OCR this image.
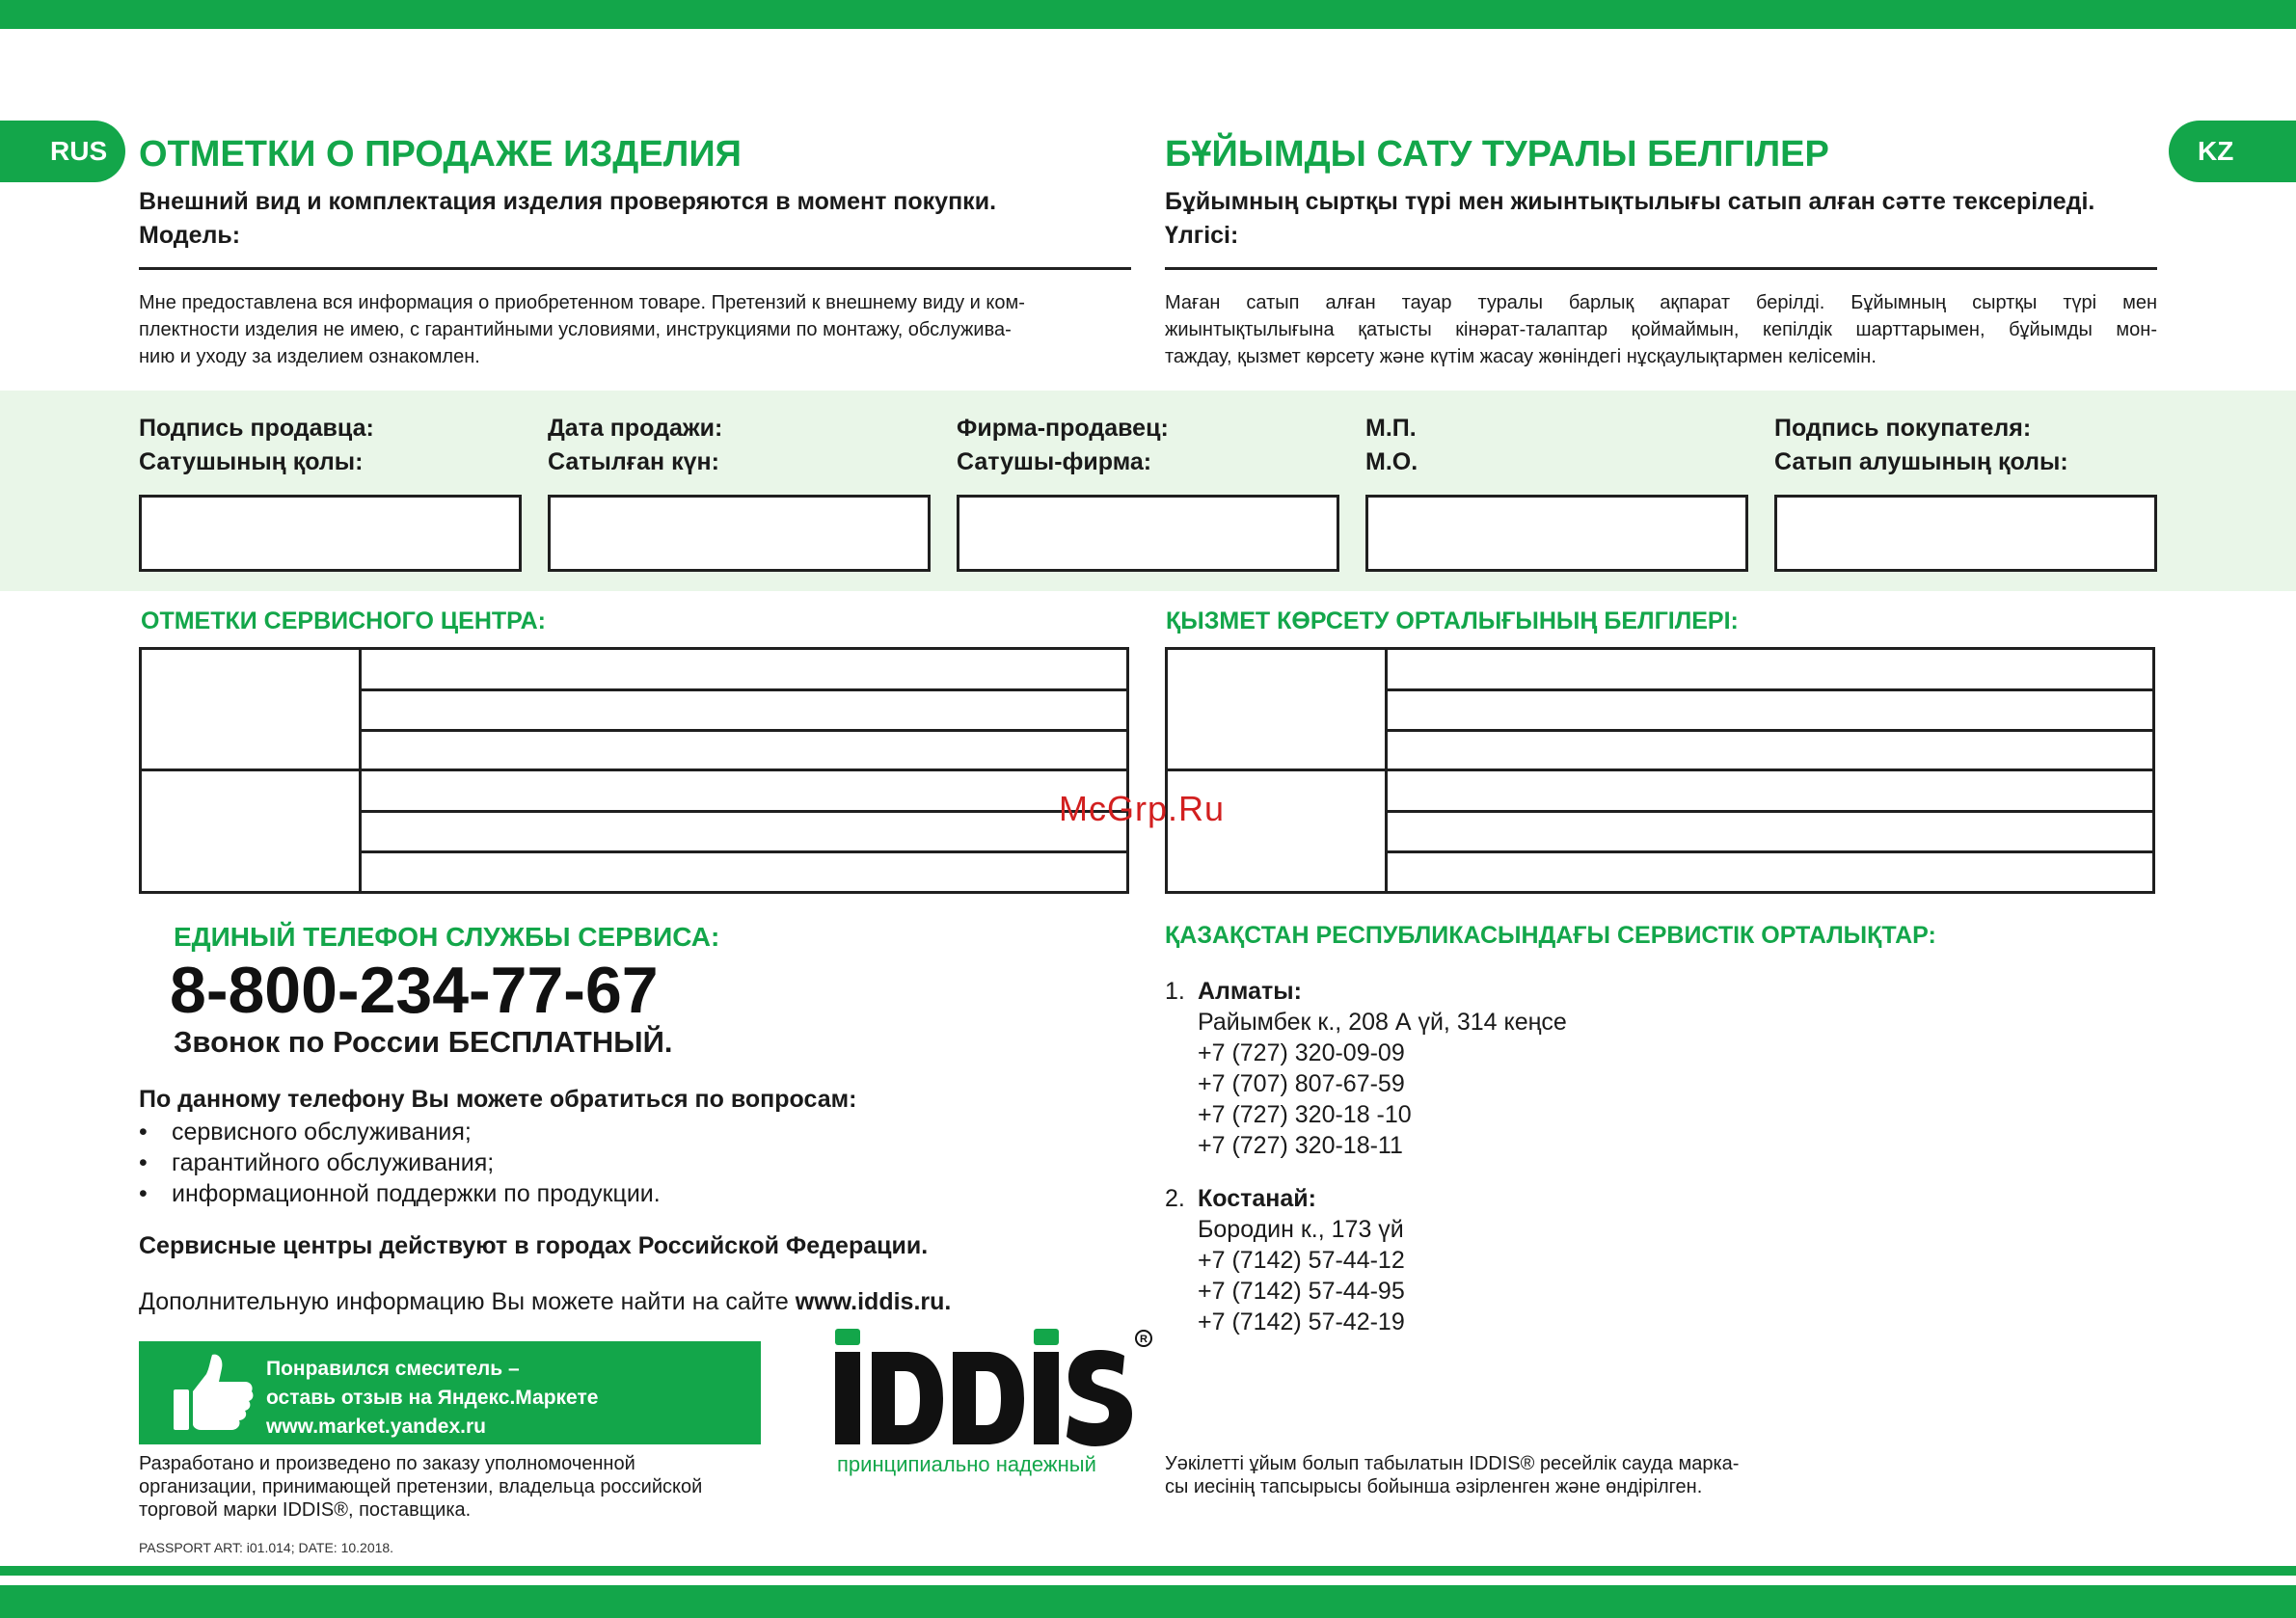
RUS	KZ
ОТМЕТКИ О ПРОДАЖЕ ИЗДЕЛИЯ
Внешний вид и комплектация изделия проверяются в момент покупки.
Модель:
Мне предоставлена вся информация о приобретенном товаре. Претензий к внешнему виду и ком-
плектности изделия не имею, с гарантийными условиями, инструкциями по монтажу, обслужива-
нию и уходу за изделием ознакомлен.
БҰЙЫМДЫ САТУ ТУРАЛЫ БЕЛГІЛЕР
Бұйымның сыртқы түрі мен жиынтықтылығы сатып алған сәтте тексеріледі.
Үлгісі:
Маған сатып алған тауар туралы барлық ақпарат берілді. Бұйымның сыртқы түрі мен
жиынтықтылығына қатысты кінәрат-талаптар қоймаймын, кепілдік шарттарымен, бұйымды мон-
таждау, қызмет көрсету және күтім жасау жөніндегі нұсқаулықтармен келісемін.
Подпись продавца:
Сатушының қолы:
Дата продажи:
Сатылған күн:
Фирма-продавец:
Сатушы-фирма:
М.П.
М.О.
Подпись покупателя:
Сатып алушының қолы:
ОТМЕТКИ СЕРВИСНОГО ЦЕНТРА:	ҚЫЗМЕТ КӨРСЕТУ ОРТАЛЫҒЫНЫҢ БЕЛГІЛЕРІ:
McGrp.Ru
ЕДИНЫЙ ТЕЛЕФОН СЛУЖБЫ СЕРВИСА:
8-800-234-77-67
Звонок по России БЕСПЛАТНЫЙ.
По данному телефону Вы можете обратиться по вопросам:
• сервисного обслуживания;
• гарантийного обслуживания;
• информационной поддержки по продукции.
Сервисные центры действуют в городах Российской Федерации.
Дополнительную информацию Вы можете найти на сайте www.iddis.ru.
Понравился смеситель –
оставь отзыв на Яндекс.Маркете
www.market.yandex.ru
Разработано и произведено по заказу уполномоченной
организации, принимающей претензии, владельца российской
торговой марки IDDIS®, поставщика.
PASSPORT ART: i01.014; DATE: 10.2018.
R
принципиально надежный
ҚАЗАҚСТАН РЕСПУБЛИКАСЫНДАҒЫ СЕРВИСТІК ОРТАЛЫҚТАР:
1. Алматы:
Райымбек к., 208 А үй, 314 кеңсе
+7 (727) 320-09-09
+7 (707) 807-67-59
+7 (727) 320-18 -10
+7 (727) 320-18-11
2. Костанай:
Бородин к., 173 үй
+7 (7142) 57-44-12
+7 (7142) 57-44-95
+7 (7142) 57-42-19
Уәкілетті ұйым болып табылатын IDDIS® ресейлік сауда марка-
сы иесінің тапсырысы бойынша әзірленген және өндірілген.
